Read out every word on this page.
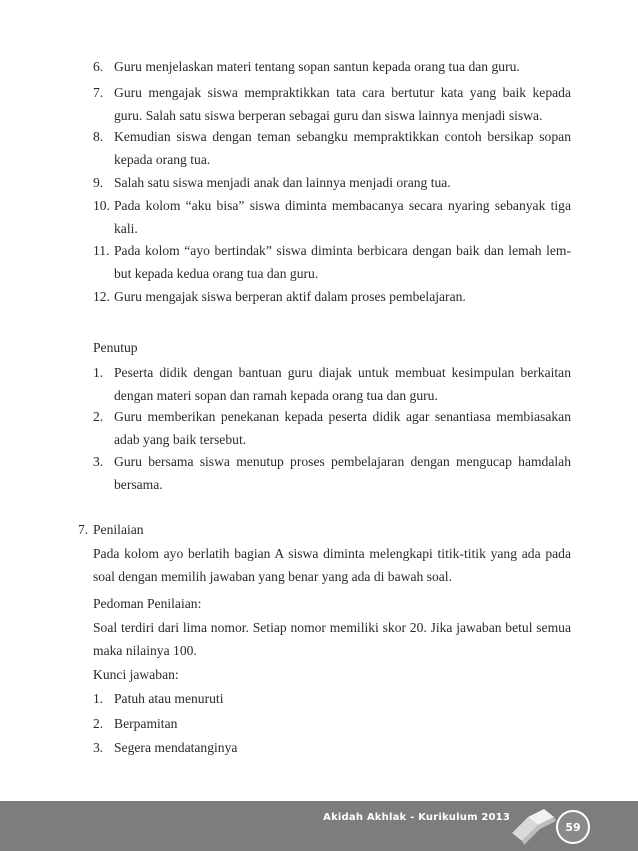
6. Guru menjelaskan materi tentang sopan santun kepada orang tua dan guru.
7. Guru mengajak siswa mempraktikkan tata cara bertutur kata yang baik kepada guru. Salah satu siswa berperan sebagai guru dan siswa lainnya menjadi siswa.
8. Kemudian siswa dengan teman sebangku mempraktikkan contoh bersikap sopan kepada orang tua.
9. Salah satu siswa menjadi anak dan lainnya menjadi orang tua.
10. Pada kolom “aku bisa” siswa diminta membacanya secara nyaring sebanyak tiga kali.
11. Pada kolom “ayo bertindak” siswa diminta berbicara dengan baik dan lemah lem- but kepada kedua orang tua dan guru.
12. Guru mengajak siswa berperan aktif dalam proses pembelajaran.
Penutup
1. Peserta didik dengan bantuan guru diajak untuk membuat kesimpulan berkaitan dengan materi sopan dan ramah kepada orang tua dan guru.
2. Guru memberikan penekanan kepada peserta didik agar senantiasa membiasakan adab yang baik tersebut.
3. Guru bersama siswa menutup proses pembelajaran dengan mengucap hamdalah bersama.
7. Penilaian
Pada kolom ayo berlatih bagian A siswa diminta melengkapi titik-titik yang ada pada soal dengan memilih jawaban yang benar yang ada di bawah soal.
Pedoman Penilaian:
Soal terdiri dari lima nomor. Setiap nomor memiliki skor 20. Jika jawaban betul semua maka nilainya 100.
Kunci jawaban:
1. Patuh atau menuruti
2. Berpamitan
3. Segera mendatanginya
Akidah Akhlak - Kurikulum 2013
59
